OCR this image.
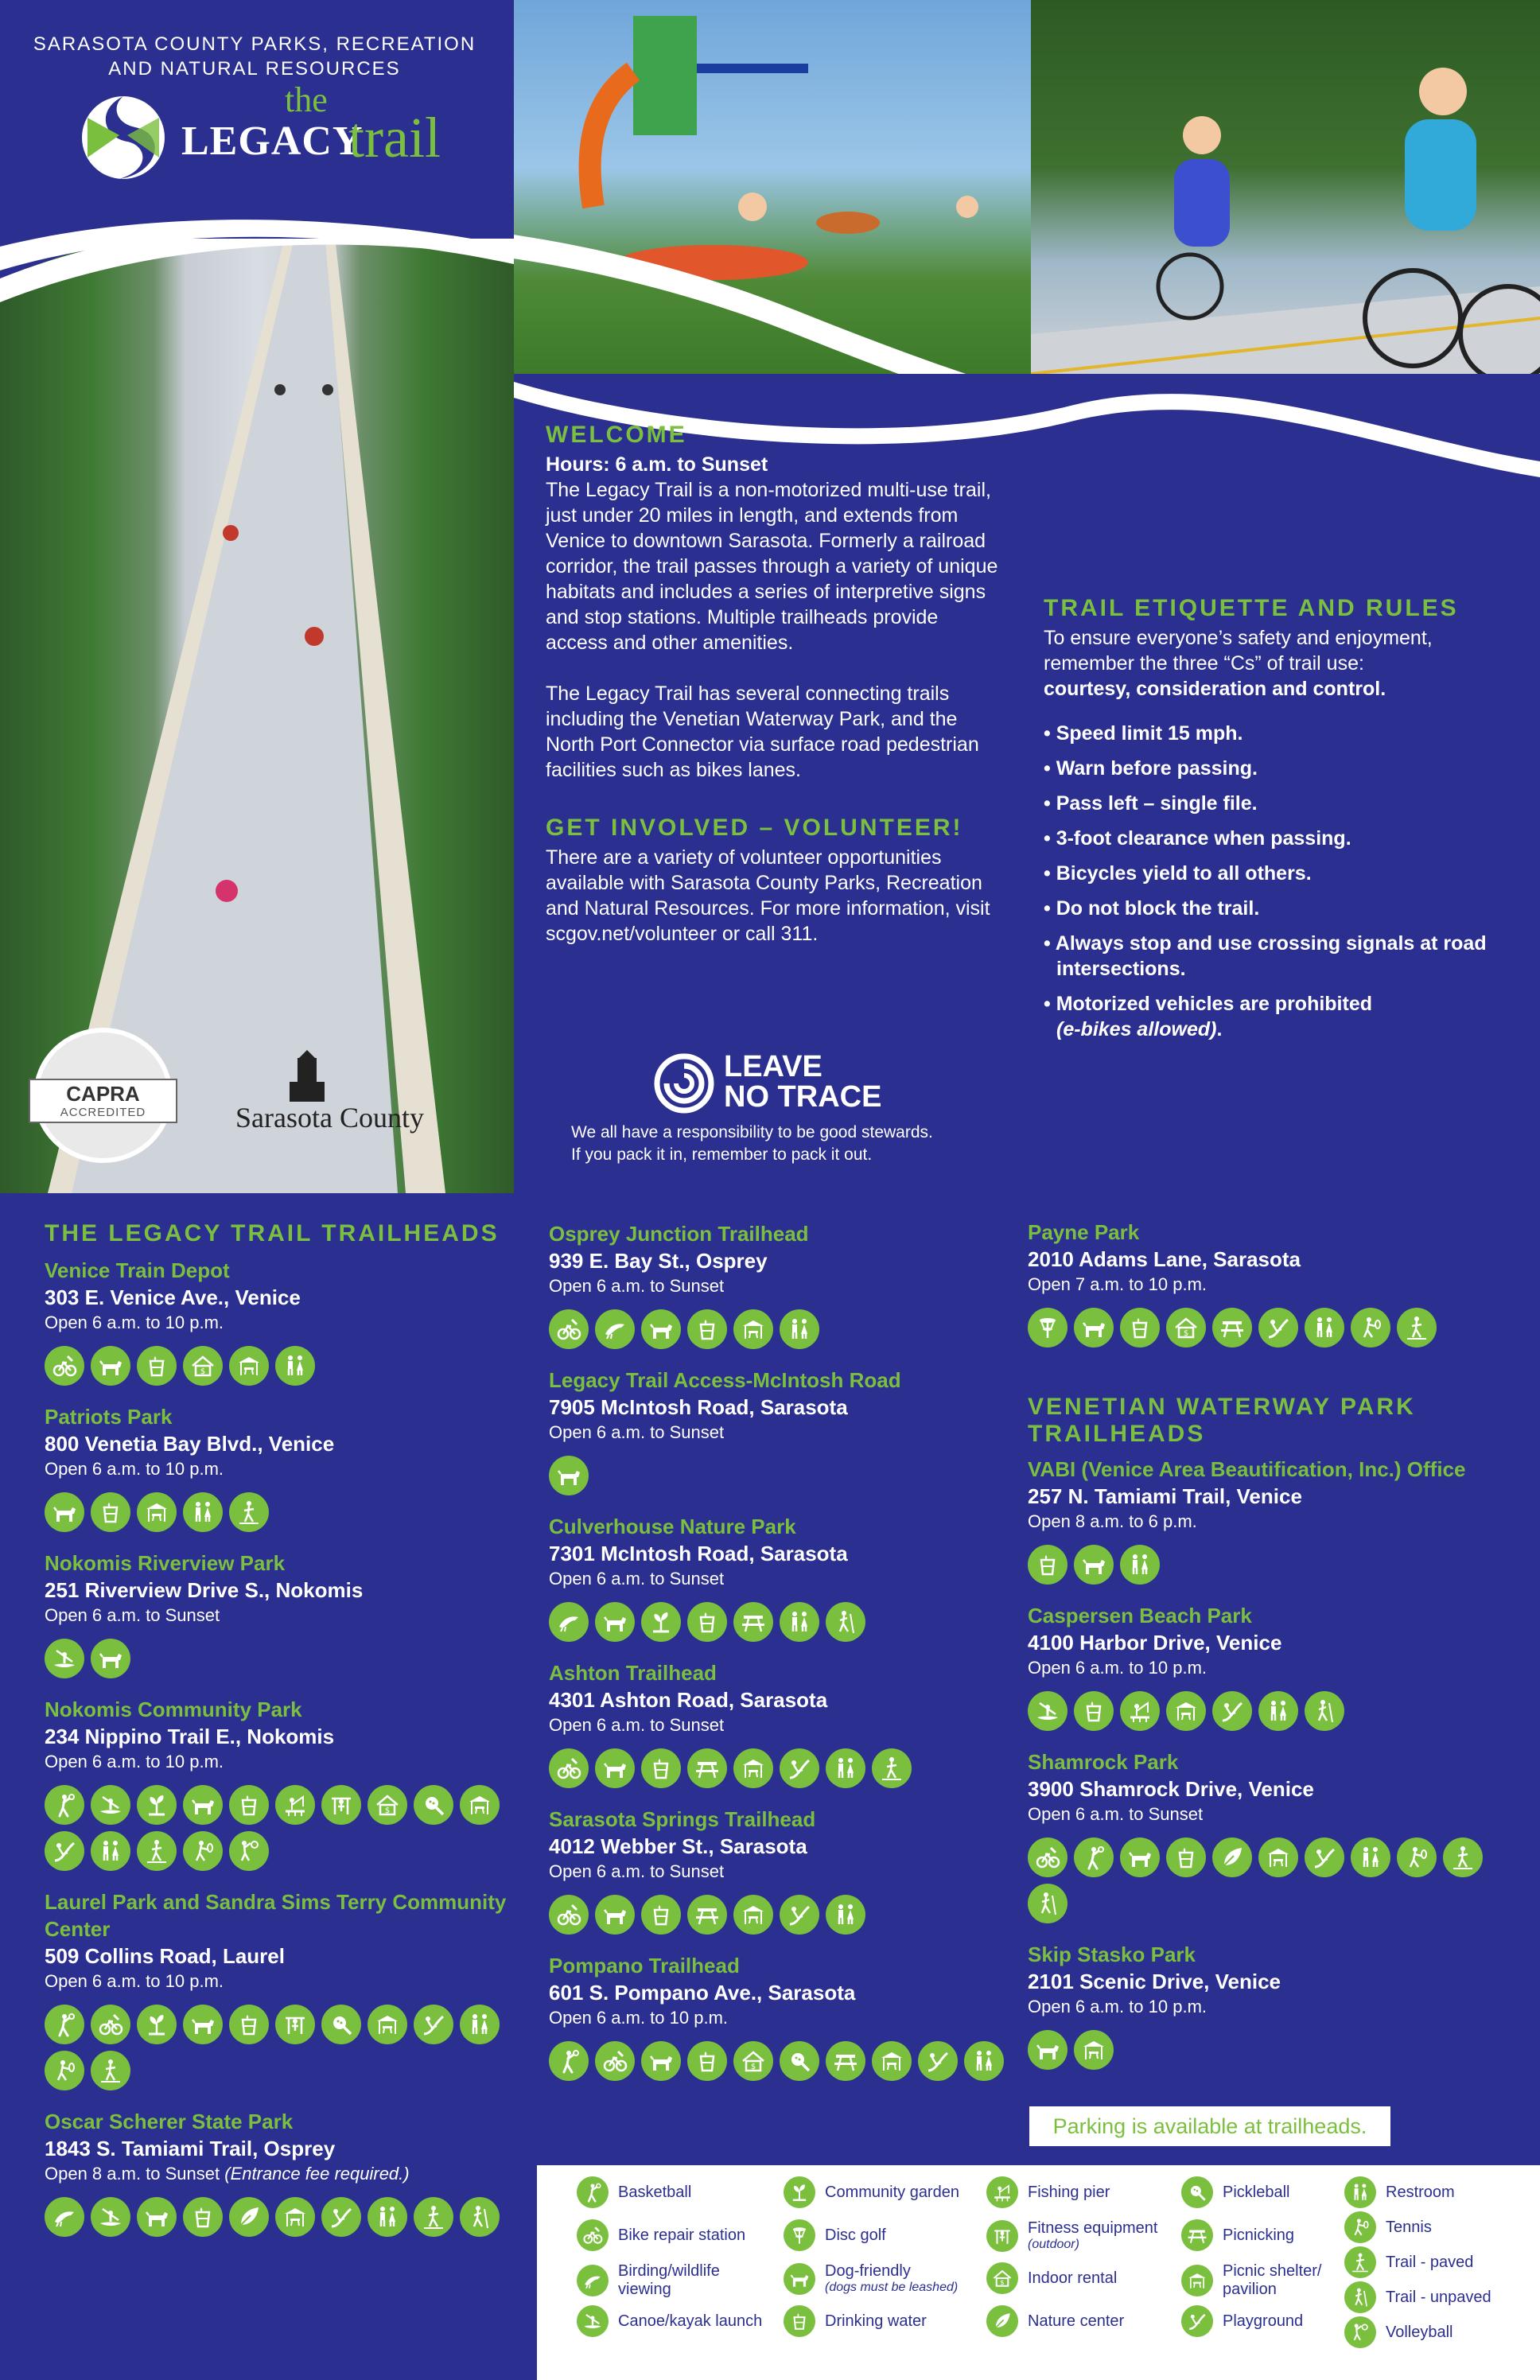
SARASOTA COUNTY PARKS, RECREATION
AND NATURAL RESOURCES
the
LEGACY
trail
CAPRA
ACCREDITED	Sarasota County
WELCOME
Hours: 6 a.m. to Sunset
The Legacy Trail is a non-motorized multi-use trail, just under 20 miles in length, and extends from Venice to downtown Sarasota. Formerly a railroad corridor, the trail passes through a variety of unique habitats and includes a series of interpretive signs and stop stations. Multiple trailheads provide access and other amenities.
The Legacy Trail has several connecting trails including the Venetian Waterway Park, and the North Port Connector via surface road pedestrian facilities such as bikes lanes.
GET INVOLVED – VOLUNTEER!
There are a variety of volunteer opportunities available with Sarasota County Parks, Recreation and Natural Resources. For more information, visit scgov.net/volunteer or call 311.
LEAVE
NO TRACE
We all have a responsibility to be good stewards.
If you pack it in, remember to pack it out.
TRAIL ETIQUETTE AND RULES
To ensure everyone’s safety and enjoyment, remember the three “Cs” of trail use:
courtesy, consideration and control.
• Speed limit 15 mph.
• Warn before passing.
• Pass left – single file.
• 3-foot clearance when passing.
• Bicycles yield to all others.
• Do not block the trail.
• Always stop and use crossing signals at road intersections.
• Motorized vehicles are prohibited
(e-bikes allowed).
THE LEGACY TRAIL TRAILHEADS
Venice Train Depot
303 E. Venice Ave., Venice
Open 6 a.m. to 10 p.m.
$
Patriots Park
800 Venetia Bay Blvd., Venice
Open 6 a.m. to 10 p.m.
Nokomis Riverview Park
251 Riverview Drive S., Nokomis
Open 6 a.m. to Sunset
Nokomis Community Park
234 Nippino Trail E., Nokomis
Open 6 a.m. to 10 p.m.
$
Laurel Park and Sandra Sims Terry Community Center
509 Collins Road, Laurel
Open 6 a.m. to 10 p.m.
Oscar Scherer State Park
1843 S. Tamiami Trail, Osprey
Open 8 a.m. to Sunset (Entrance fee required.)
Osprey Junction Trailhead
939 E. Bay St., Osprey
Open 6 a.m. to Sunset
Legacy Trail Access-McIntosh Road
7905 McIntosh Road, Sarasota
Open 6 a.m. to Sunset
Culverhouse Nature Park
7301 McIntosh Road, Sarasota
Open 6 a.m. to Sunset
Ashton Trailhead
4301 Ashton Road, Sarasota
Open 6 a.m. to Sunset
Sarasota Springs Trailhead
4012 Webber St., Sarasota
Open 6 a.m. to Sunset
Pompano Trailhead
601 S. Pompano Ave., Sarasota
Open 6 a.m. to 10 p.m.
$
Payne Park
2010 Adams Lane, Sarasota
Open 7 a.m. to 10 p.m.
$
VENETIAN WATERWAY PARK TRAILHEADS
VABI (Venice Area Beautification, Inc.) Office
257 N. Tamiami Trail, Venice
Open 8 a.m. to 6 p.m.
Caspersen Beach Park
4100 Harbor Drive, Venice
Open 6 a.m. to 10 p.m.
Shamrock Park
3900 Shamrock Drive, Venice
Open 6 a.m. to Sunset
Skip Stasko Park
2101 Scenic Drive, Venice
Open 6 a.m. to 10 p.m.
Parking is available at trailheads.
Basketball
Bike repair station
Birding/wildlife viewing
Canoe/kayak launch
Community garden
Disc golf
Dog-friendly
(dogs must be leashed)
Drinking water
Fishing pier
Fitness equipment
(outdoor)
$ Indoor rental
Nature center
Pickleball
Picnicking
Picnic shelter/ pavilion
Playground
Restroom
Tennis
Trail - paved
Trail - unpaved
Volleyball
